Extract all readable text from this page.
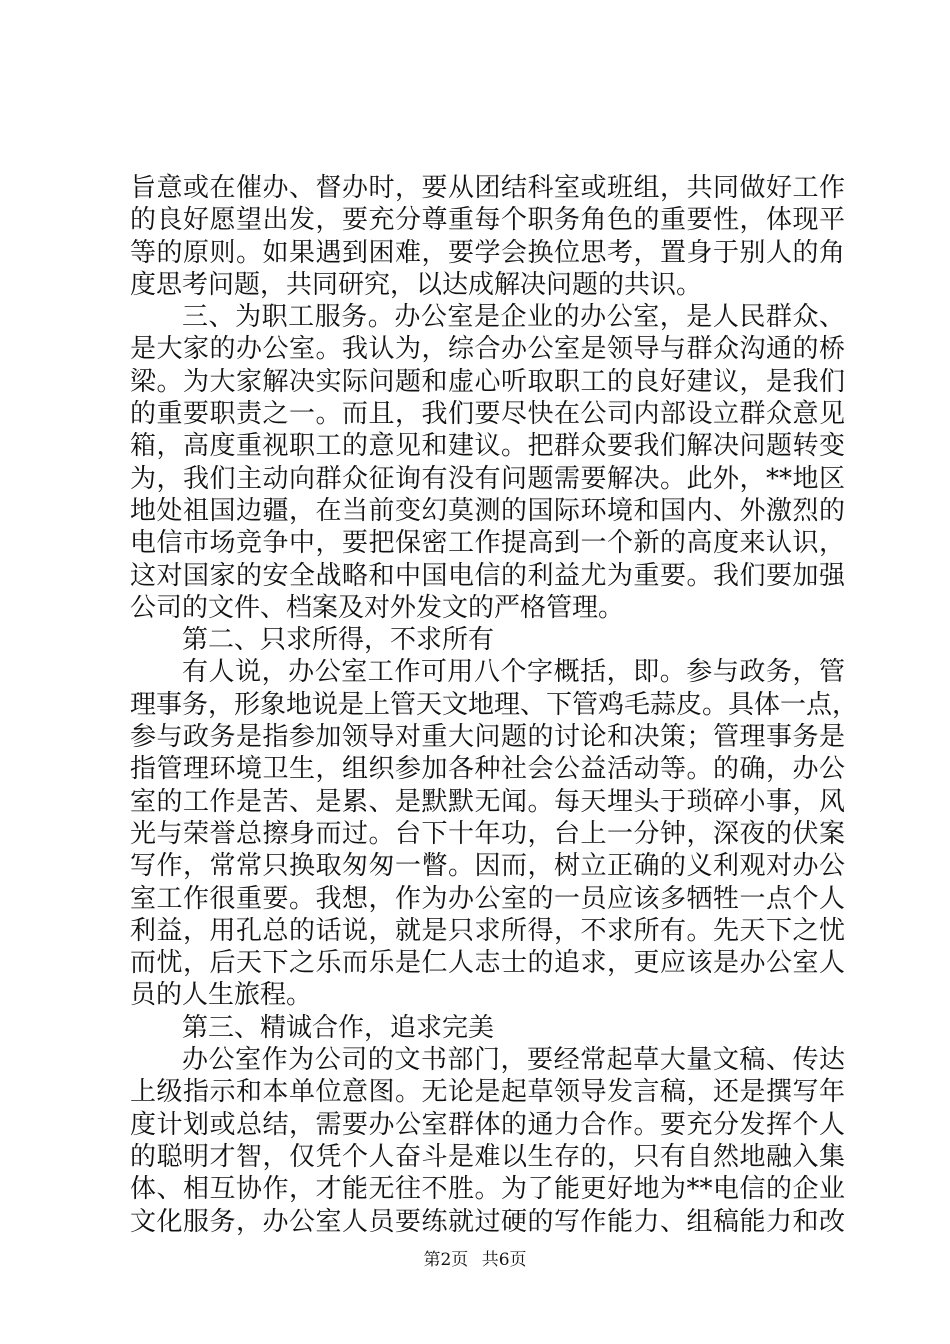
旨意或在催办、督办时，要从团结科室或班组，共同做好工作
的良好愿望出发，要充分尊重每个职务角色的重要性，体现平
等的原则。如果遇到困难，要学会换位思考，置身于别人的角
度思考问题，共同研究，以达成解决问题的共识。
三、为职工服务。办公室是企业的办公室，是人民群众、
是大家的办公室。我认为，综合办公室是领导与群众沟通的桥
梁。为大家解决实际问题和虚心听取职工的良好建议，是我们
的重要职责之一。而且，我们要尽快在公司内部设立群众意见
箱，高度重视职工的意见和建议。把群众要我们解决问题转变
为，我们主动向群众征询有没有问题需要解决。此外，**地区
地处祖国边疆，在当前变幻莫测的国际环境和国内、外激烈的
电信市场竞争中，要把保密工作提高到一个新的高度来认识，
这对国家的安全战略和中国电信的利益尤为重要。我们要加强
公司的文件、档案及对外发文的严格管理。
第二、只求所得，不求所有
有人说，办公室工作可用八个字概括，即。参与政务，管
理事务，形象地说是上管天文地理、下管鸡毛蒜皮。具体一点，
参与政务是指参加领导对重大问题的讨论和决策；管理事务是
指管理环境卫生，组织参加各种社会公益活动等。的确，办公
室的工作是苦、是累、是默默无闻。每天埋头于琐碎小事，风
光与荣誉总擦身而过。台下十年功，台上一分钟，深夜的伏案
写作，常常只换取匆匆一瞥。因而，树立正确的义利观对办公
室工作很重要。我想，作为办公室的一员应该多牺牲一点个人
利益，用孔总的话说，就是只求所得，不求所有。先天下之忧
而忧，后天下之乐而乐是仁人志士的追求，更应该是办公室人
员的人生旅程。
第三、精诚合作，追求完美
办公室作为公司的文书部门，要经常起草大量文稿、传达
上级指示和本单位意图。无论是起草领导发言稿，还是撰写年
度计划或总结，需要办公室群体的通力合作。要充分发挥个人
的聪明才智，仅凭个人奋斗是难以生存的，只有自然地融入集
体、相互协作，才能无往不胜。为了能更好地为**电信的企业
文化服务，办公室人员要练就过硬的写作能力、组稿能力和改
第2页 共6页
